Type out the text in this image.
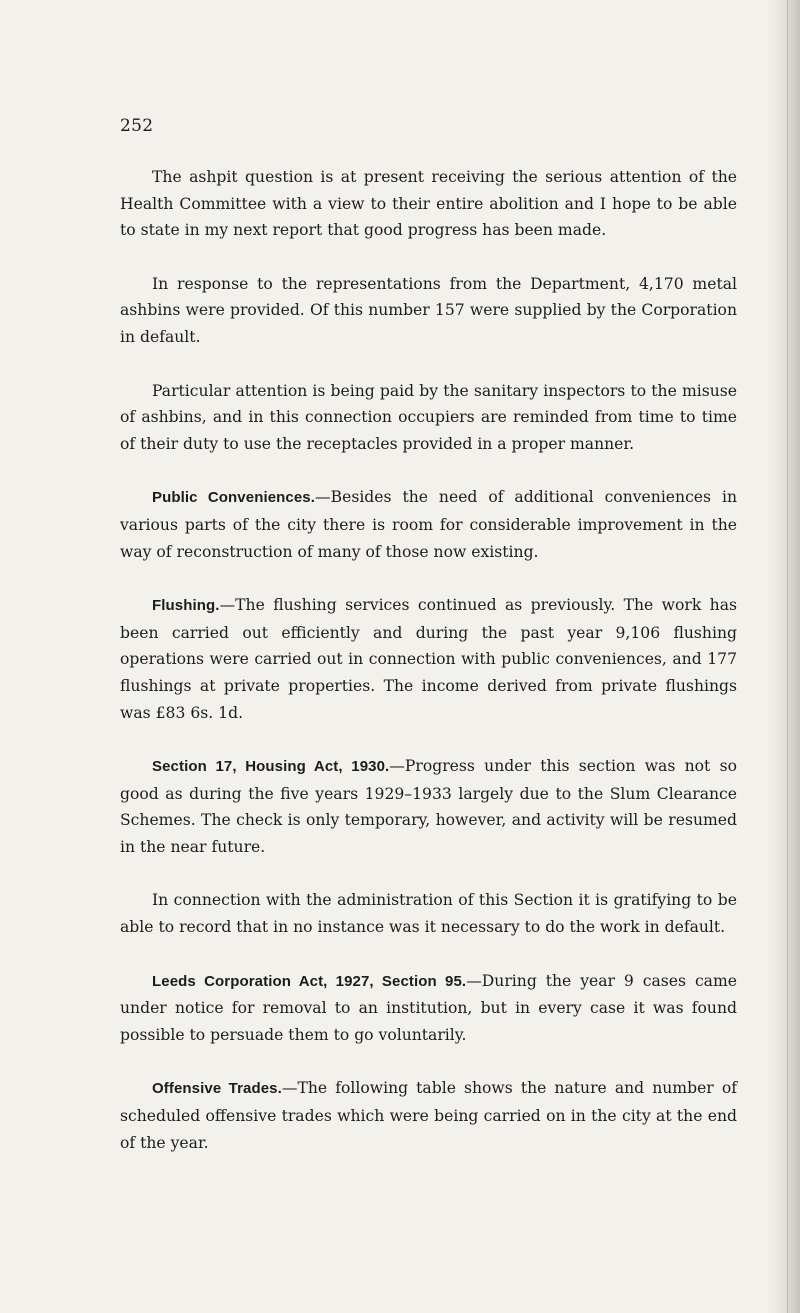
252

The ashpit question is at present receiving the serious attention of the Health Committee with a view to their entire abolition and I hope to be able to state in my next report that good progress has been made.

In response to the representations from the Department, 4,170 metal ashbins were provided. Of this number 157 were supplied by the Corporation in default.

Particular attention is being paid by the sanitary inspectors to the misuse of ashbins, and in this connection occupiers are reminded from time to time of their duty to use the receptacles provided in a proper manner.

Public Conveniences.—Besides the need of additional conveniences in various parts of the city there is room for considerable improvement in the way of reconstruction of many of those now existing.

Flushing.—The flushing services continued as previously. The work has been carried out efficiently and during the past year 9,106 flushing operations were carried out in connection with public conveniences, and 177 flushings at private properties. The income derived from private flushings was £83 6s. 1d.

Section 17, Housing Act, 1930.—Progress under this section was not so good as during the five years 1929–1933 largely due to the Slum Clearance Schemes. The check is only temporary, however, and activity will be resumed in the near future.

In connection with the administration of this Section it is gratifying to be able to record that in no instance was it necessary to do the work in default.

Leeds Corporation Act, 1927, Section 95.—During the year 9 cases came under notice for removal to an institution, but in every case it was found possible to persuade them to go voluntarily.

Offensive Trades.—The following table shows the nature and number of scheduled offensive trades which were being carried on in the city at the end of the year.
